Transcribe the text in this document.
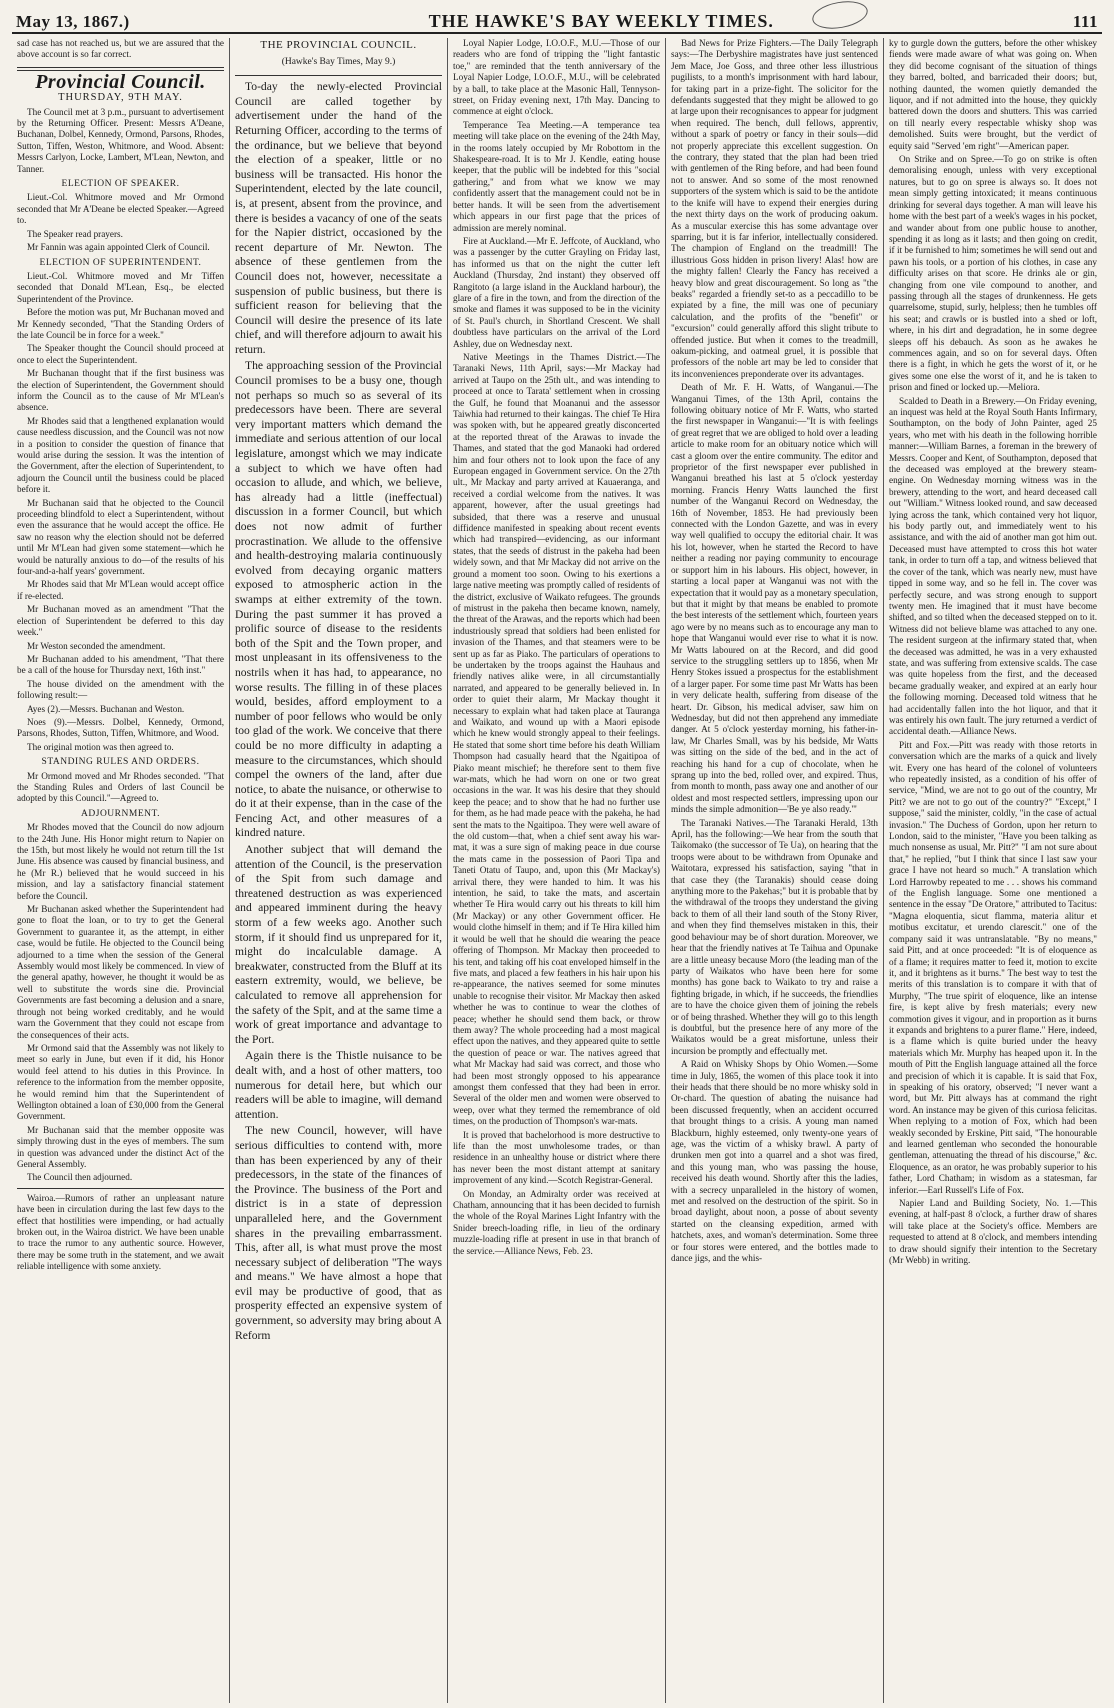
May 13, 1867.)	THE HAWKE'S BAY WEEKLY TIMES.	111

sad case has not reached us, but we are assured that the above account is so far correct.

Provincial Council.
THURSDAY, 9TH MAY.

The Council met at 3 p.m., pursuant to advertisement by the Returning Officer. Present: Messrs A'Deane, Buchanan, Dolbel, Kennedy, Ormond, Parsons, Rhodes, Sutton, Tiffen, Weston, Whitmore, and Wood. Absent: Messrs Carlyon, Locke, Lambert, M'Lean, Newton, and Tanner.

ELECTION OF SPEAKER.

Lieut.-Col. Whitmore moved and Mr Ormond seconded that Mr A'Deane be elected Speaker.—Agreed to.

The Speaker read prayers.

Mr Fannin was again appointed Clerk of Council.

ELECTION OF SUPERINTENDENT.

Lieut.-Col. Whitmore moved and Mr Tiffen seconded that Donald M'Lean, Esq., be elected Superintendent of the Province.

Before the motion was put, Mr Buchanan moved and Mr Kennedy seconded, "That the Standing Orders of the late Council be in force for a week."

The Speaker thought the Council should proceed at once to elect the Superintendent.

Mr Buchanan thought that if the first business was the election of Superintendent, the Government should inform the Council as to the cause of Mr M'Lean's absence.

Mr Rhodes said that a lengthened explanation would cause needless discussion, and the Council was not now in a position to consider the question of finance that would arise during the session. It was the intention of the Government, after the election of Superintendent, to adjourn the Council until the business could be placed before it.

Mr Buchanan said that he objected to the Council proceeding blindfold to elect a Superintendent, without even the assurance that he would accept the office. He saw no reason why the election should not be deferred until Mr M'Lean had given some statement—which he would be naturally anxious to do—of the results of his four-and-a-half years' government.

Mr Rhodes said that Mr M'Lean would accept office if re-elected.

Mr Buchanan moved as an amendment "That the election of Superintendent be deferred to this day week."

Mr Weston seconded the amendment.

Mr Buchanan added to his amendment, "That there be a call of the house for Thursday next, 16th inst."

The house divided on the amendment with the following result:—

Ayes (2).—Messrs. Buchanan and Weston.

Noes (9).—Messrs. Dolbel, Kennedy, Ormond, Parsons, Rhodes, Sutton, Tiffen, Whitmore, and Wood.

The original motion was then agreed to.

STANDING RULES AND ORDERS.

Mr Ormond moved and Mr Rhodes seconded. "That the Standing Rules and Orders of last Council be adopted by this Council."—Agreed to.

ADJOURNMENT.

Mr Rhodes moved that the Council do now adjourn to the 24th June. His Honor might return to Napier on the 15th, but most likely he would not return till the 1st June. His absence was caused by financial business, and he (Mr R.) believed that he would succeed in his mission, and lay a satisfactory financial statement before the Council.

Mr Buchanan asked whether the Superintendent had gone to float the loan, or to try to get the General Government to guarantee it, as the attempt, in either case, would be futile. He objected to the Council being adjourned to a time when the session of the General Assembly would most likely be commenced. In view of the general apathy, however, he thought it would be as well to substitute the words sine die. Provincial Governments are fast becoming a delusion and a snare, through not being worked creditably, and he would warn the Government that they could not escape from the consequences of their acts.

Mr Ormond said that the Assembly was not likely to meet so early in June, but even if it did, his Honor would feel attend to his duties in this Province. In reference to the information from the member opposite, he would remind him that the Superintendent of Wellington obtained a loan of £30,000 from the General Government.

Mr Buchanan said that the member opposite was simply throwing dust in the eyes of members. The sum in question was advanced under the distinct Act of the General Assembly.

The Council then adjourned.

Wairoa.—Rumors of rather an unpleasant nature have been in circulation during the last few days to the effect that hostilities were impending, or had actually broken out, in the Wairoa district. We have been unable to trace the rumor to any authentic source. However, there may be some truth in the statement, and we await reliable intelligence with some anxiety.

THE PROVINCIAL COUNCIL.
(Hawke's Bay Times, May 9.)

To-day the newly-elected Provincial Council are called together by advertisement under the hand of the Returning Officer, according to the terms of the ordinance, but we believe that beyond the election of a speaker, little or no business will be transacted. His honor the Superintendent, elected by the late council, is, at present, absent from the province, and there is besides a vacancy of one of the seats for the Napier district, occasioned by the recent departure of Mr. Newton. The absence of these gentlemen from the Council does not, however, necessitate a suspension of public business, but there is sufficient reason for believing that the Council will desire the presence of its late chief, and will therefore adjourn to await his return.

The approaching session of the Provincial Council promises to be a busy one, though not perhaps so much so as several of its predecessors have been. There are several very important matters which demand the immediate and serious attention of our local legislature, amongst which we may indicate a subject to which we have often had occasion to allude, and which, we believe, has already had a little (ineffectual) discussion in a former Council, but which does not now admit of further procrastination. We allude to the offensive and health-destroying malaria continuously evolved from decaying organic matters exposed to atmospheric action in the swamps at either extremity of the town. During the past summer it has proved a prolific source of disease to the residents both of the Spit and the Town proper, and most unpleasant in its offensiveness to the nostrils when it has had, to appearance, no worse results. The filling in of these places would, besides, afford employment to a number of poor fellows who would be only too glad of the work. We conceive that there could be no more difficulty in adapting a measure to the circumstances, which should compel the owners of the land, after due notice, to abate the nuisance, or otherwise to do it at their expense, than in the case of the Fencing Act, and other measures of a kindred nature.

Another subject that will demand the attention of the Council, is the preservation of the Spit from such damage and threatened destruction as was experienced and appeared imminent during the heavy storm of a few weeks ago. Another such storm, if it should find us unprepared for it, might do incalculable damage. A breakwater, constructed from the Bluff at its eastern extremity, would, we believe, be calculated to remove all apprehension for the safety of the Spit, and at the same time a work of great importance and advantage to the Port.

Again there is the Thistle nuisance to be dealt with, and a host of other matters, too numerous for detail here, but which our readers will be able to imagine, will demand attention.

The new Council, however, will have serious difficulties to contend with, more than has been experienced by any of their predecessors, in the state of the finances of the Province. The business of the Port and district is in a state of depression unparalleled here, and the Government shares in the prevailing embarrassment. This, after all, is what must prove the most necessary subject of deliberation "The ways and means." We have almost a hope that evil may be productive of good, that as prosperity effected an expensive system of government, so adversity may bring about A Reform

Loyal Napier Lodge, I.O.O.F., M.U.—Those of our readers who are fond of tripping the "light fantastic toe," are reminded that the tenth anniversary of the Loyal Napier Lodge, I.O.O.F., M.U., will be celebrated by a ball, to take place at the Masonic Hall, Tennyson-street, on Friday evening next, 17th May. Dancing to commence at eight o'clock.

Temperance Tea Meeting.—A temperance tea meeting will take place on the evening of the 24th May, in the rooms lately occupied by Mr Robottom in the Shakespeare-road. It is to Mr J. Kendle, eating house keeper, that the public will be indebted for this "social gathering," and from what we know we may confidently assert that the management could not be in better hands. It will be seen from the advertisement which appears in our first page that the prices of admission are merely nominal.

Fire at Auckland.—Mr E. Jeffcote, of Auckland, who was a passenger by the cutter Grayling on Friday last, has informed us that on the night the cutter left Auckland (Thursday, 2nd instant) they observed off Rangitoto (a large island in the Auckland harbour), the glare of a fire in the town, and from the direction of the smoke and flames it was supposed to be in the vicinity of St. Paul's church, in Shortland Crescent. We shall doubtless have particulars on the arrival of the Lord Ashley, due on Wednesday next.

Native Meetings in the Thames District.—The Taranaki News, 11th April, says:—Mr Mackay had arrived at Taupo on the 25th ult., and was intending to proceed at once to Tarata' settlement when in crossing the Gulf, he found that Moananui and the assessor Taiwhia had returned to their kaingas. The chief Te Hira was spoken with, but he appeared greatly disconcerted at the reported threat of the Arawas to invade the Thames, and stated that the god Manaoki had ordered him and four others not to look upon the face of any European engaged in Government service. On the 27th ult., Mr Mackay and party arrived at Kauaeranga, and received a cordial welcome from the natives. It was apparent, however, after the usual greetings had subsided, that there was a reserve and unusual diffidence manifested in speaking about recent events which had transpired—evidencing, as our informant states, that the seeds of distrust in the pakeha had been widely sown, and that Mr Mackay did not arrive on the ground a moment too soon. Owing to his exertions a large native meeting was promptly called of residents of the district, exclusive of Waikato refugees. The grounds of mistrust in the pakeha then became known, namely, the threat of the Arawas, and the reports which had been industriously spread that soldiers had been enlisted for invasion of the Thames, and that steamers were to be sent up as far as Piako. The particulars of operations to be undertaken by the troops against the Hauhaus and friendly natives alike were, in all circumstantially narrated, and appeared to be generally believed in. In order to quiet their alarm, Mr Mackay thought it necessary to explain what had taken place at Tauranga and Waikato, and wound up with a Maori episode which he knew would strongly appeal to their feelings. He stated that some short time before his death William Thompson had casually heard that the Ngaitipoa of Piako meant mischief; he therefore sent to them five war-mats, which he had worn on one or two great occasions in the war. It was his desire that they should keep the peace; and to show that he had no further use for them, as he had made peace with the pakeha, he had sent the mats to the Ngaitipoa. They were well aware of the old custom—that, when a chief sent away his war-mat, it was a sure sign of making peace in due course the mats came in the possession of Paori Tipa and Taneti Otatu of Taupo, and, upon this (Mr Mackay's) arrival there, they were handed to him. It was his intention, he said, to take the mats, and ascertain whether Te Hira would carry out his threats to kill him (Mr Mackay) or any other Government officer. He would clothe himself in them; and if Te Hira killed him it would be well that he should die wearing the peace offering of Thompson. Mr Mackay then proceeded to his tent, and taking off his coat enveloped himself in the five mats, and placed a few feathers in his hair upon his re-appearance, the natives seemed for some minutes unable to recognise their visitor. Mr Mackay then asked whether he was to continue to wear the clothes of peace; whether he should send them back, or throw them away? The whole proceeding had a most magical effect upon the natives, and they appeared quite to settle the question of peace or war. The natives agreed that what Mr Mackay had said was correct, and those who had been most strongly opposed to his appearance amongst them confessed that they had been in error. Several of the older men and women were observed to weep, over what they termed the remembrance of old times, on the production of Thompson's war-mats.

It is proved that bachelorhood is more destructive to life than the most unwholesome trades, or than residence in an unhealthy house or district where there has never been the most distant attempt at sanitary improvement of any kind.—Scotch Registrar-General.

On Monday, an Admiralty order was received at Chatham, announcing that it has been decided to furnish the whole of the Royal Marines Light Infantry with the Snider breech-loading rifle, in lieu of the ordinary muzzle-loading rifle at present in use in that branch of the service.—Alliance News, Feb. 23.

Bad News for Prize Fighters.—The Daily Telegraph says:—The Derbyshire magistrates have just sentenced Jem Mace, Joe Goss, and three other less illustrious pugilists, to a month's imprisonment with hard labour, for taking part in a prize-fight. The solicitor for the defendants suggested that they might be allowed to go at large upon their recognisances to appear for judgment when required. The bench, dull fellows, apprentiv, without a spark of poetry or fancy in their souls—did not properly appreciate this excellent suggestion. On the contrary, they stated that the plan had been tried with gentlemen of the Ring before, and had been found not to answer. And so some of the most renowned supporters of the system which is said to be the antidote to the knife will have to expend their energies during the next thirty days on the work of producing oakum. As a muscular exercise this has some advantage over sparring, but it is far inferior, intellectually considered. The champion of England on the treadmill! The illustrious Goss hidden in prison livery! Alas! how are the mighty fallen! Clearly the Fancy has received a heavy blow and great discouragement. So long as "the beaks" regarded a friendly set-to as a peccadillo to be expiated by a fine, the mill was one of pecuniary calculation, and the profits of the "benefit" or "excursion" could generally afford this slight tribute to offended justice. But when it comes to the treadmill, oakum-picking, and oatmeal gruel, it is possible that professors of the noble art may be led to consider that its inconveniences preponderate over its advantages.

Death of Mr. F. H. Watts, of Wanganui.—The Wanganui Times, of the 13th April, contains the following obituary notice of Mr F. Watts, who started the first newspaper in Wanganui:—"It is with feelings of great regret that we are obliged to hold over a leading article to make room for an obituary notice which will cast a gloom over the entire community. The editor and proprietor of the first newspaper ever published in Wanganui breathed his last at 5 o'clock yesterday morning. Francis Henry Watts launched the first number of the Wanganui Record on Wednesday, the 16th of November, 1853. He had previously been connected with the London Gazette, and was in every way well qualified to occupy the editorial chair. It was his lot, however, when he started the Record to have neither a reading nor paying community to encourage or support him in his labours. His object, however, in starting a local paper at Wanganui was not with the expectation that it would pay as a monetary speculation, but that it might by that means be enabled to promote the best interests of the settlement which, fourteen years ago were by no means such as to encourage any man to hope that Wanganui would ever rise to what it is now. Mr Watts laboured on at the Record, and did good service to the struggling settlers up to 1856, when Mr Henry Stokes issued a prospectus for the establishment of a larger paper. For some time past Mr Watts has been in very delicate health, suffering from disease of the heart. Dr. Gibson, his medical adviser, saw him on Wednesday, but did not then apprehend any immediate danger. At 5 o'clock yesterday morning, his father-in-law, Mr Charles Small, was by his bedside, Mr Watts was sitting on the side of the bed, and in the act of reaching his hand for a cup of chocolate, when he sprang up into the bed, rolled over, and expired. Thus, from month to month, pass away one and another of our oldest and most respected settlers, impressing upon our minds the simple admonition—'Be ye also ready.'"

The Taranaki Natives.—The Taranaki Herald, 13th April, has the following:—We hear from the south that Taikomako (the successor of Te Ua), on hearing that the troops were about to be withdrawn from Opunake and Waitotara, expressed his satisfaction, saying "that in that case they (the Taranakis) should cease doing anything more to the Pakehas;" but it is probable that by the withdrawal of the troops they understand the giving back to them of all their land south of the Stony River, and when they find themselves mistaken in this, their good behaviour may be of short duration. Moreover, we hear that the friendly natives at Te Taihua and Opunake are a little uneasy because Moro (the leading man of the party of Waikatos who have been here for some months) has gone back to Waikato to try and raise a fighting brigade, in which, if he succeeds, the friendlies are to have the choice given them of joining the rebels or of being thrashed. Whether they will go to this length is doubtful, but the presence here of any more of the Waikatos would be a great misfortune, unless their incursion be promptly and effectually met.

A Raid on Whisky Shops by Ohio Women.—Some time in July, 1865, the women of this place took it into their heads that there should be no more whisky sold in Or-chard. The question of abating the nuisance had been discussed frequently, when an accident occurred that brought things to a crisis. A young man named Blackburn, highly esteemed, only twenty-one years of age, was the victim of a whisky brawl. A party of drunken men got into a quarrel and a shot was fired, and this young man, who was passing the house, received his death wound. Shortly after this the ladies, with a secrecy unparalleled in the history of women, met and resolved on the destruction of the spirit. So in broad daylight, about noon, a posse of about seventy started on the cleansing expedition, armed with hatchets, axes, and woman's determination. Some three or four stores were entered, and the bottles made to dance jigs, and the whis-

ky to gurgle down the gutters, before the other whiskey fiends were made aware of what was going on. When they did become cognisant of the situation of things they barred, bolted, and barricaded their doors; but, nothing daunted, the women quietly demanded the liquor, and if not admitted into the house, they quickly battered down the doors and shutters. This was carried on till nearly every respectable whisky shop was demolished. Suits were brought, but the verdict of equity said "Served 'em right"—American paper.

On Strike and on Spree.—To go on strike is often demoralising enough, unless with very exceptional natures, but to go on spree is always so. It does not mean simply getting intoxicated; it means continuous drinking for several days together. A man will leave his home with the best part of a week's wages in his pocket, and wander about from one public house to another, spending it as long as it lasts; and then going on credit, if it be furnished to him; sometimes he will send out and pawn his tools, or a portion of his clothes, in case any difficulty arises on that score. He drinks ale or gin, changing from one vile compound to another, and passing through all the stages of drunkenness. He gets quarrelsome, stupid, surly, helpless; then he tumbles off his seat; and crawls or is bustled into a shed or loft, where, in his dirt and degradation, he in some degree sleeps off his debauch. As soon as he awakes he commences again, and so on for several days. Often there is a fight, in which he gets the worst of it, or he gives some one else the worst of it, and he is taken to prison and fined or locked up.—Meliora.

Scalded to Death in a Brewery.—On Friday evening, an inquest was held at the Royal South Hants Infirmary, Southampton, on the body of John Painter, aged 25 years, who met with his death in the following horrible manner:—William Barnes, a foreman in the brewery of Messrs. Cooper and Kent, of Southampton, deposed that the deceased was employed at the brewery steam-engine. On Wednesday morning witness was in the brewery, attending to the wort, and heard deceased call out "William." Witness looked round, and saw deceased lying across the tank, which contained very hot liquor, his body partly out, and immediately went to his assistance, and with the aid of another man got him out. Deceased must have attempted to cross this hot water tank, in order to turn off a tap, and witness believed that the cover of the tank, which was nearly new, must have tipped in some way, and so he fell in. The cover was perfectly secure, and was strong enough to support twenty men. He imagined that it must have become shifted, and so tilted when the deceased stepped on to it. Witness did not believe blame was attached to any one. The resident surgeon at the infirmary stated that, when the deceased was admitted, he was in a very exhausted state, and was suffering from extensive scalds. The case was quite hopeless from the first, and the deceased became gradually weaker, and expired at an early hour the following morning. Deceased told witness that he had accidentally fallen into the hot liquor, and that it was entirely his own fault. The jury returned a verdict of accidental death.—Alliance News.

Pitt and Fox.—Pitt was ready with those retorts in conversation which are the marks of a quick and lively wit. Every one has heard of the colonel of volunteers who repeatedly insisted, as a condition of his offer of service, "Mind, we are not to go out of the country, Mr Pitt? we are not to go out of the country?" "Except," I suppose," said the minister, coldly, "in the case of actual invasion." The Duchess of Gordon, upon her return to London, said to the minister, "Have you been talking as much nonsense as usual, Mr. Pitt?" "I am not sure about that," he replied, "but I think that since I last saw your grace I have not heard so much." A translation which Lord Harrowby repeated to me . . . shows his command of the English language. Some one mentioned a sentence in the essay "De Oratore," attributed to Tacitus: "Magna eloquentia, sicut flamma, materia alitur et motibus excitatur, et urendo clarescit." one of the company said it was untranslatable. "By no means," said Pitt, and at once proceeded: "It is of eloquence as of a flame; it requires matter to feed it, motion to excite it, and it brightens as it burns." The best way to test the merits of this translation is to compare it with that of Murphy, "The true spirit of eloquence, like an intense fire, is kept alive by fresh materials; every new commotion gives it vigour, and in proportion as it burns it expands and brightens to a purer flame." Here, indeed, is a flame which is quite buried under the heavy materials which Mr. Murphy has heaped upon it. In the mouth of Pitt the English language attained all the force and precision of which it is capable. It is said that Fox, in speaking of his oratory, observed; "I never want a word, but Mr. Pitt always has at command the right word. An instance may be given of this curiosa felicitas. When replying to a motion of Fox, which had been weakly seconded by Erskine, Pitt said, "The honourable and learned gentleman who seconded the honourable gentleman, attenuating the thread of his discourse," &c. Eloquence, as an orator, he was probably superior to his father, Lord Chatham; in wisdom as a statesman, far inferior.—Earl Russell's Life of Fox.

Napier Land and Building Society, No. 1.—This evening, at half-past 8 o'clock, a further draw of shares will take place at the Society's office. Members are requested to attend at 8 o'clock, and members intending to draw should signify their intention to the Secretary (Mr Webb) in writing.
